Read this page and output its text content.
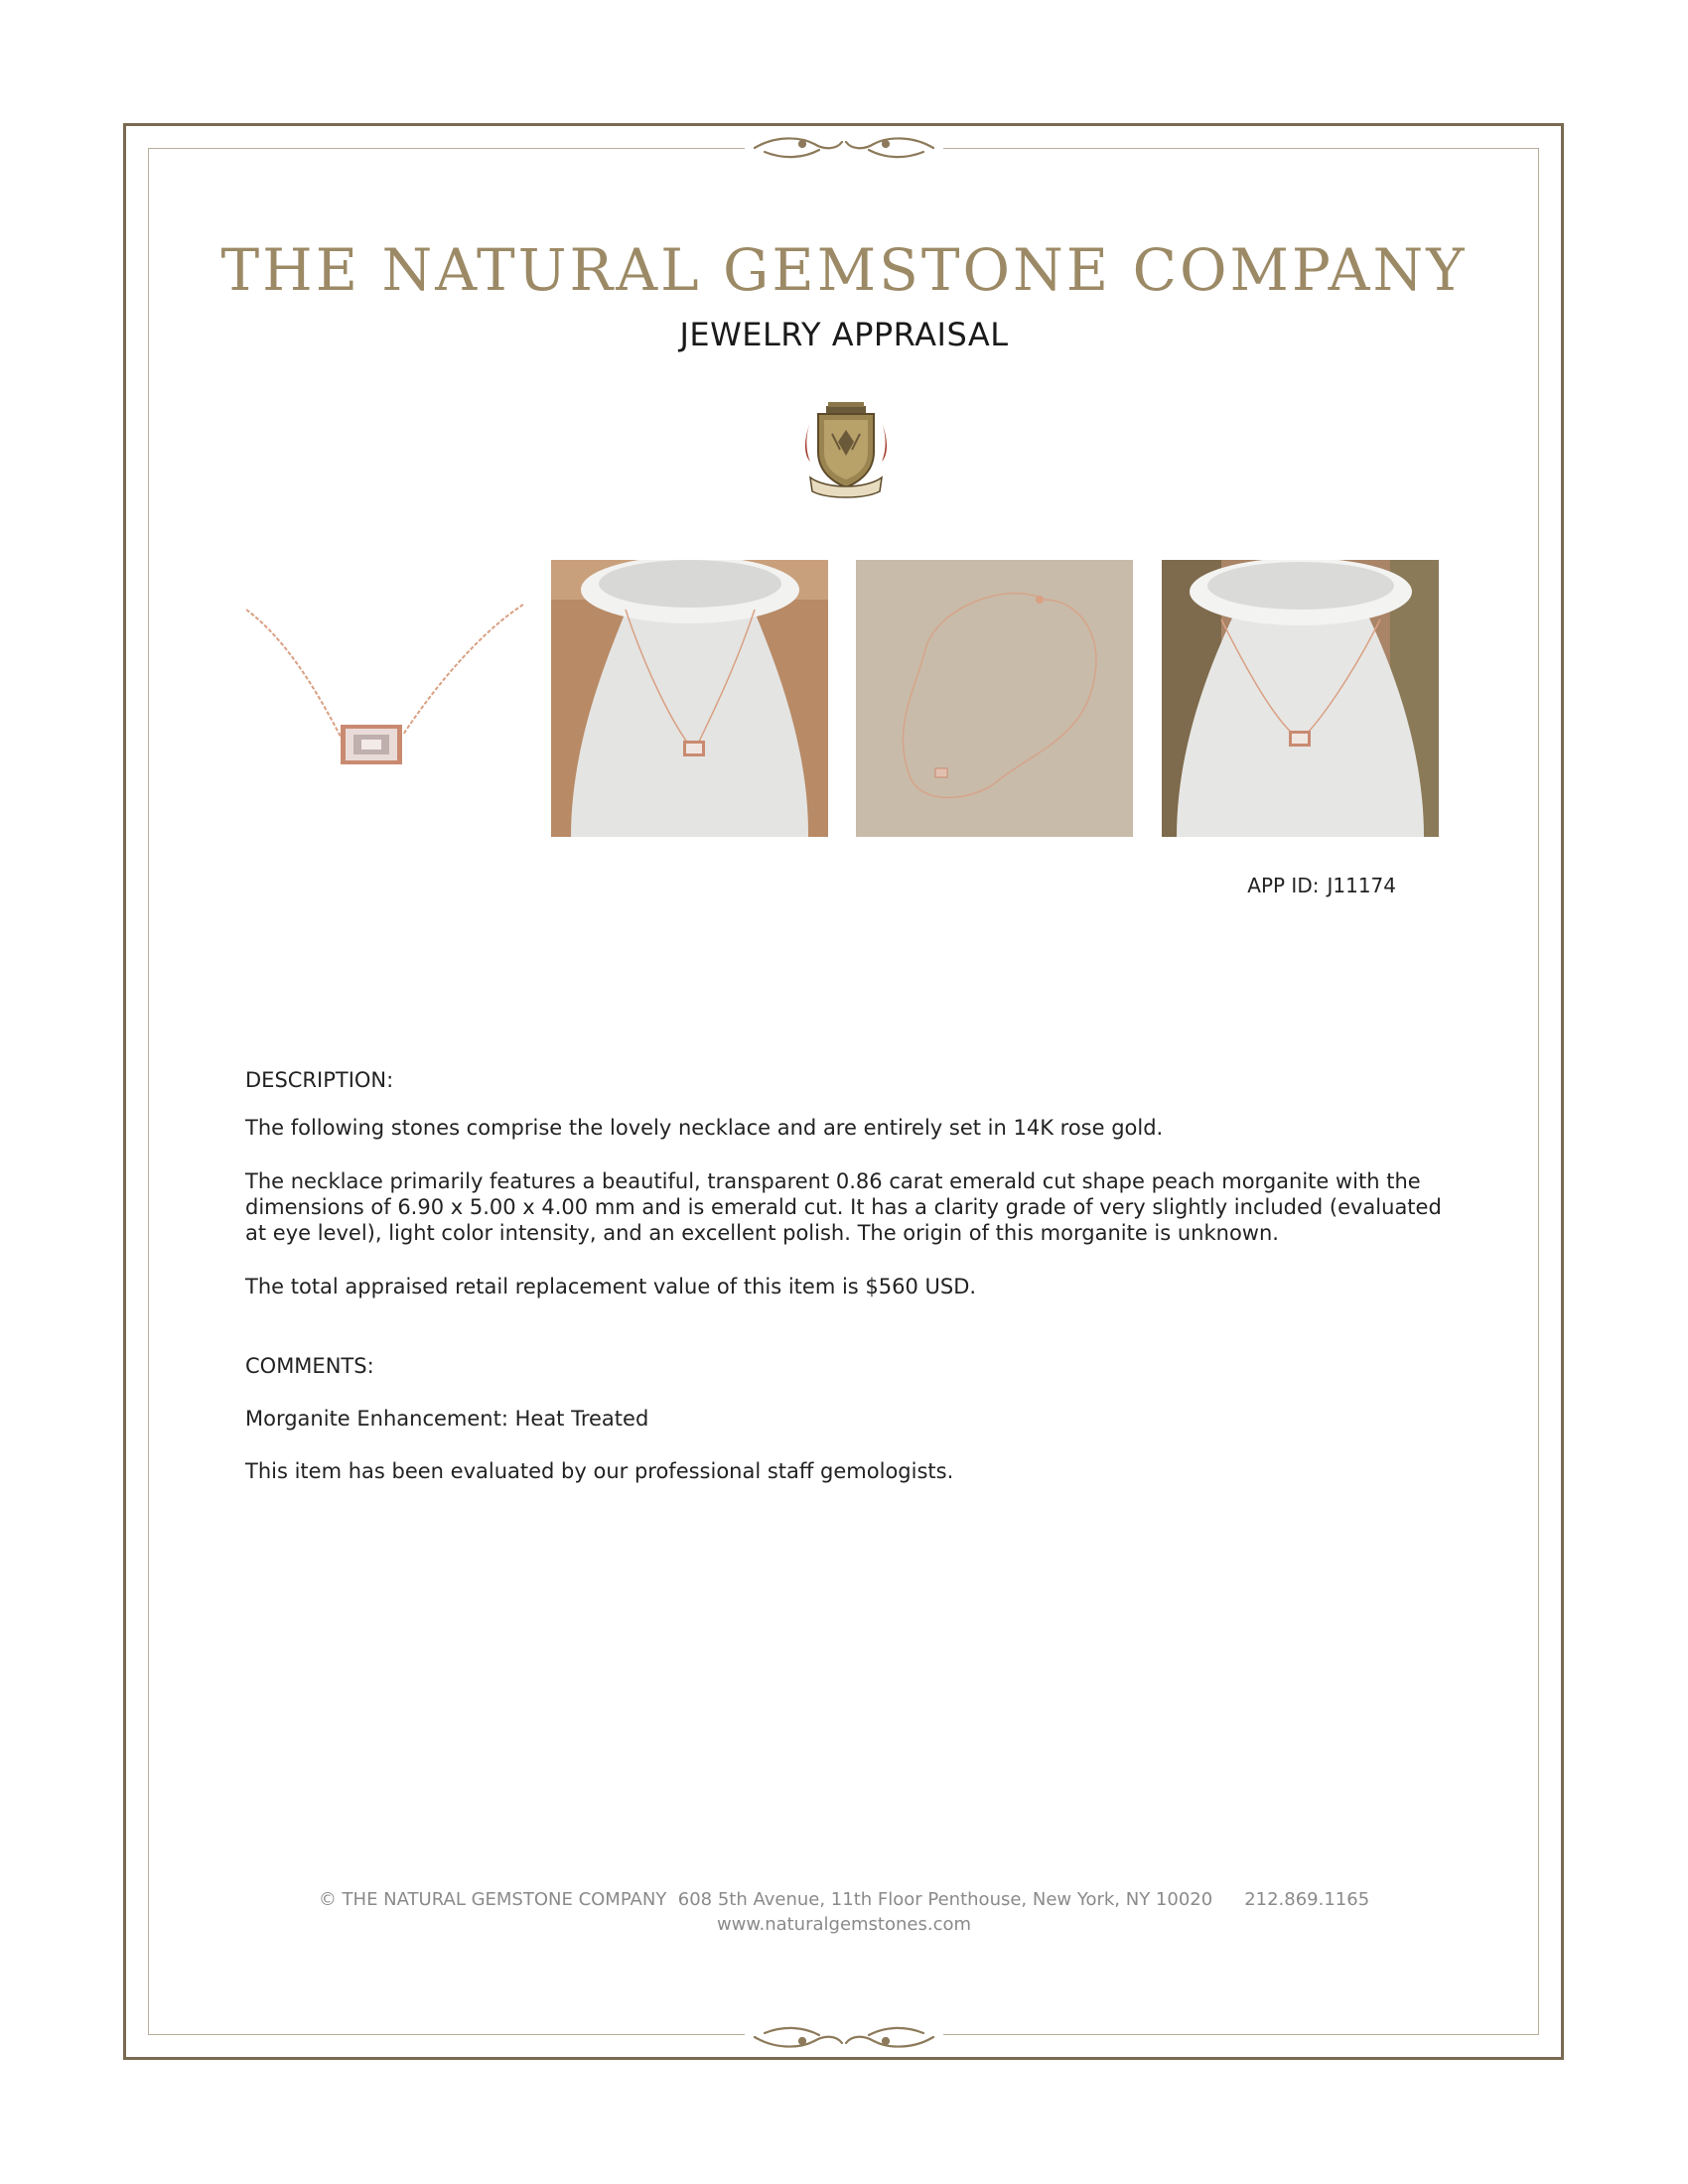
THE NATURAL GEMSTONE COMPANY
JEWELRY APPRAISAL
APP ID: J11174
DESCRIPTION:
The following stones comprise the lovely necklace and are entirely set in 14K rose gold.
The necklace primarily features a beautiful, transparent 0.86 carat emerald cut shape peach morganite with the dimensions of 6.90 x 5.00 x 4.00 mm and is emerald cut. It has a clarity grade of very slightly included (evaluated at eye level), light color intensity, and an excellent polish. The origin of this morganite is unknown.
The total appraised retail replacement value of this item is $560 USD.
COMMENTS:
Morganite Enhancement: Heat Treated
This item has been evaluated by our professional staff gemologists.
© THE NATURAL GEMSTONE COMPANY 608 5th Avenue, 11th Floor Penthouse, New York, NY 10020 212.869.1165
www.naturalgemstones.com
